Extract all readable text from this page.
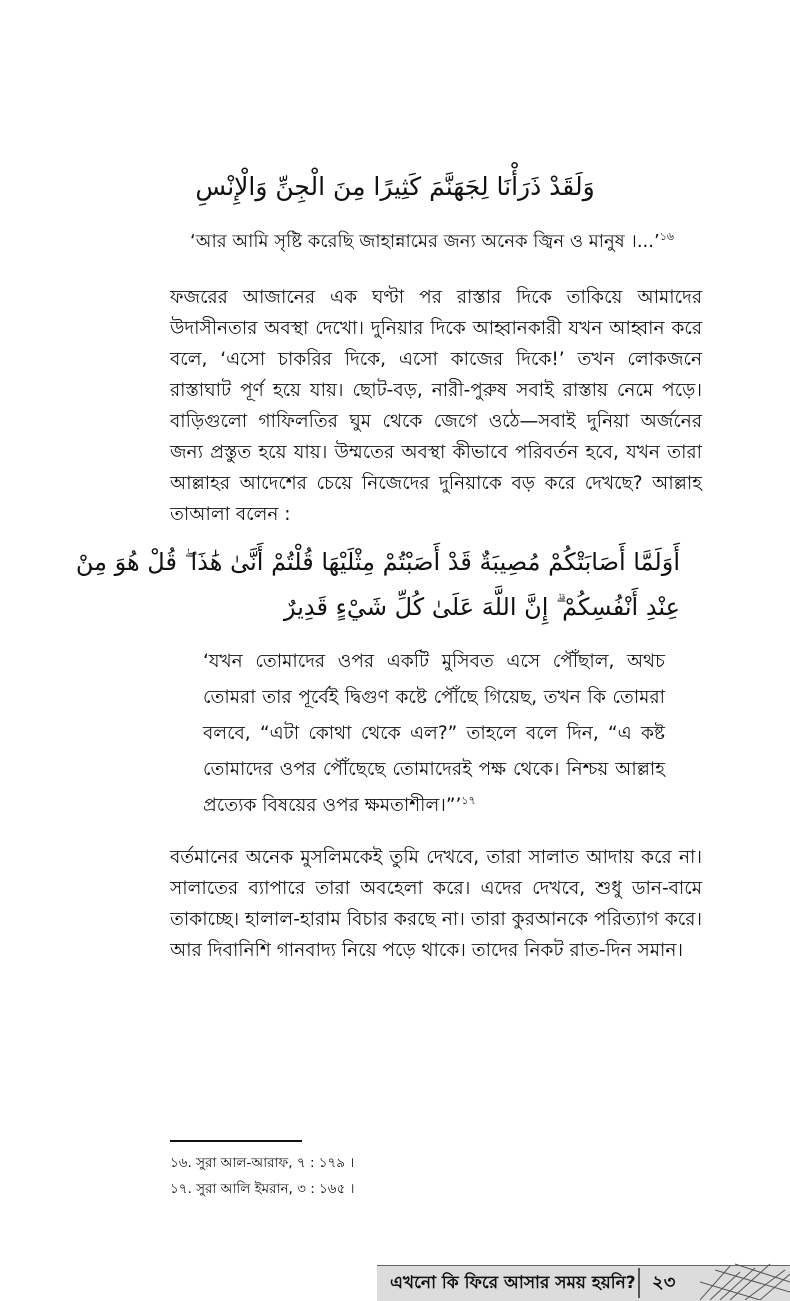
وَلَقَدْ ذَرَأْنَا لِجَهَنَّمَ كَثِيرًا مِنَ الْجِنِّ وَالْإِنْسِ
‘আর আমি সৃষ্টি করেছি জাহান্নামের জন্য অনেক জ্বিন ও মানুষ ।...’$^{১৬}$
ফজরের আজানের এক ঘণ্টা পর রাস্তার দিকে তাকিয়ে আমাদের উদাসীনতার অবস্থা দেখো। দুনিয়ার দিকে আহ্বানকারী যখন আহ্বান করে বলে, ‘এসো চাকরির দিকে, এসো কাজের দিকে!’ তখন লোকজনে রাস্তাঘাট পূর্ণ হয়ে যায়। ছোট-বড়, নারী-পুরুষ সবাই রাস্তায় নেমে পড়ে। বাড়িগুলো গাফিলতির ঘুম থেকে জেগে ওঠে—সবাই দুনিয়া অর্জনের জন্য প্রস্তুত হয়ে যায়। উম্মতের অবস্থা কীভাবে পরিবর্তন হবে, যখন তারা আল্লাহর আদেশের চেয়ে নিজেদের দুনিয়াকে বড় করে দেখছে? আল্লাহ তাআলা বলেন :
أَوَلَمَّا أَصَابَتْكُمْ مُصِيبَةٌ قَدْ أَصَبْتُمْ مِثْلَيْهَا قُلْتُمْ أَنَّىٰ هَٰذَا ۖ قُلْ هُوَ مِنْ
عِنْدِ أَنْفُسِكُمْ ۗ إِنَّ اللَّهَ عَلَىٰ كُلِّ شَيْءٍ قَدِيرٌ
‘যখন তোমাদের ওপর একটি মুসিবত এসে পৌঁছাল, অথচ তোমরা তার পূর্বেই দ্বিগুণ কষ্টে পৌঁছে গিয়েছ, তখন কি তোমরা বলবে, “এটা কোথা থেকে এল?” তাহলে বলে দিন, “এ কষ্ট তোমাদের ওপর পৌঁছেছে তোমাদেরই পক্ষ থেকে। নিশ্চয় আল্লাহ প্রত্যেক বিষয়ের ওপর ক্ষমতাশীল।”’$^{১৭}$
বর্তমানের অনেক মুসলিমকেই তুমি দেখবে, তারা সালাত আদায় করে না। সালাতের ব্যাপারে তারা অবহেলা করে। এদের দেখবে, শুধু ডান-বামে তাকাচ্ছে। হালাল-হারাম বিচার করছে না। তারা কুরআনকে পরিত্যাগ করে। আর দিবানিশি গানবাদ্য নিয়ে পড়ে থাকে। তাদের নিকট রাত-দিন সমান।
১৬. সুরা আল-আরাফ, ৭ : ১৭৯ ।
১৭. সুরা আলি ইমরান, ৩ : ১৬৫ ।
এখনো কি ফিরে আসার সময় হয়নি? ২৩
